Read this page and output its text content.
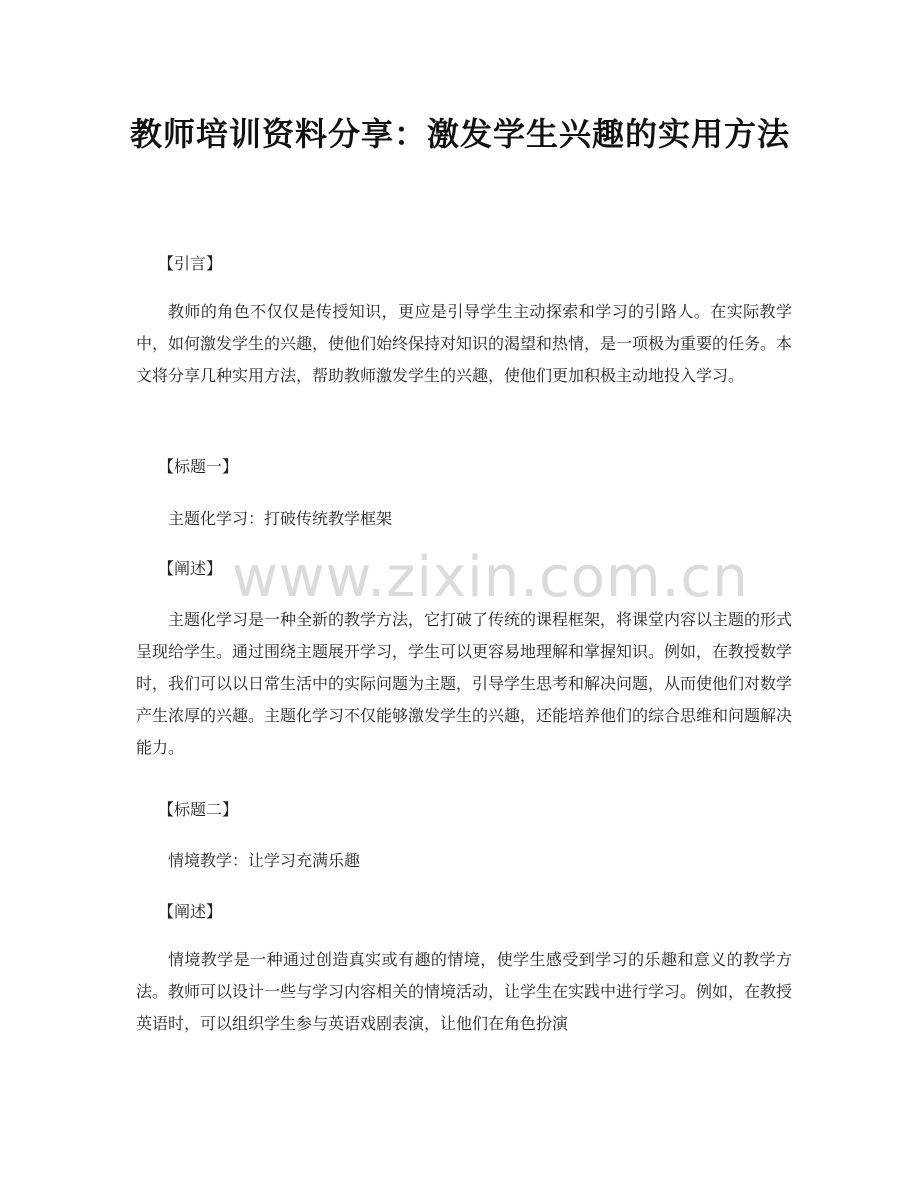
教师培训资料分享：激发学生兴趣的实用方法

【引言】

教师的角色不仅仅是传授知识，更应是引导学生主动探索和学习的引路人。在实际教学中，如何激发学生的兴趣，使他们始终保持对知识的渴望和热情，是一项极为重要的任务。本文将分享几种实用方法，帮助教师激发学生的兴趣，使他们更加积极主动地投入学习。

【标题一】

主题化学习：打破传统教学框架

【阐述】

主题化学习是一种全新的教学方法，它打破了传统的课程框架，将课堂内容以主题的形式呈现给学生。通过围绕主题展开学习，学生可以更容易地理解和掌握知识。例如，在教授数学时，我们可以以日常生活中的实际问题为主题，引导学生思考和解决问题，从而使他们对数学产生浓厚的兴趣。主题化学习不仅能够激发学生的兴趣，还能培养他们的综合思维和问题解决能力。

【标题二】

情境教学：让学习充满乐趣

【阐述】

情境教学是一种通过创造真实或有趣的情境，使学生感受到学习的乐趣和意义的教学方法。教师可以设计一些与学习内容相关的情境活动，让学生在实践中进行学习。例如，在教授英语时，可以组织学生参与英语戏剧表演，让他们在角色扮演

www.zixin.com.cn
